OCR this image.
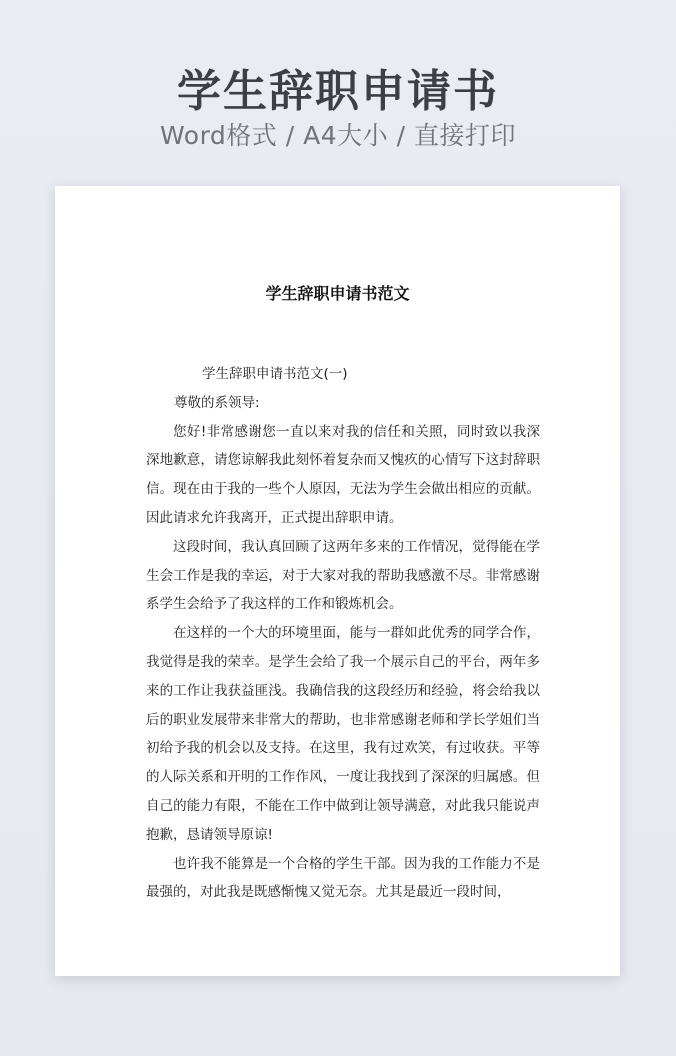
学生辞职申请书
Word格式 / A4大小 / 直接打印
学生辞职申请书范文

学生辞职申请书范文(一)

尊敬的系领导:

您好!非常感谢您一直以来对我的信任和关照，同时致以我深深地歉意，请您谅解我此刻怀着复杂而又愧疚的心情写下这封辞职信。现在由于我的一些个人原因，无法为学生会做出相应的贡献。因此请求允许我离开，正式提出辞职申请。

这段时间，我认真回顾了这两年多来的工作情况，觉得能在学生会工作是我的幸运，对于大家对我的帮助我感激不尽。非常感谢系学生会给予了我这样的工作和锻炼机会。

在这样的一个大的环境里面，能与一群如此优秀的同学合作，我觉得是我的荣幸。是学生会给了我一个展示自己的平台，两年多来的工作让我获益匪浅。我确信我的这段经历和经验，将会给我以后的职业发展带来非常大的帮助，也非常感谢老师和学长学姐们当初给予我的机会以及支持。在这里，我有过欢笑，有过收获。平等的人际关系和开明的工作作风，一度让我找到了深深的归属感。但自己的能力有限，不能在工作中做到让领导满意，对此我只能说声抱歉，恳请领导原谅!

也许我不能算是一个合格的学生干部。因为我的工作能力不是最强的，对此我是既感惭愧又觉无奈。尤其是最近一段时间，
